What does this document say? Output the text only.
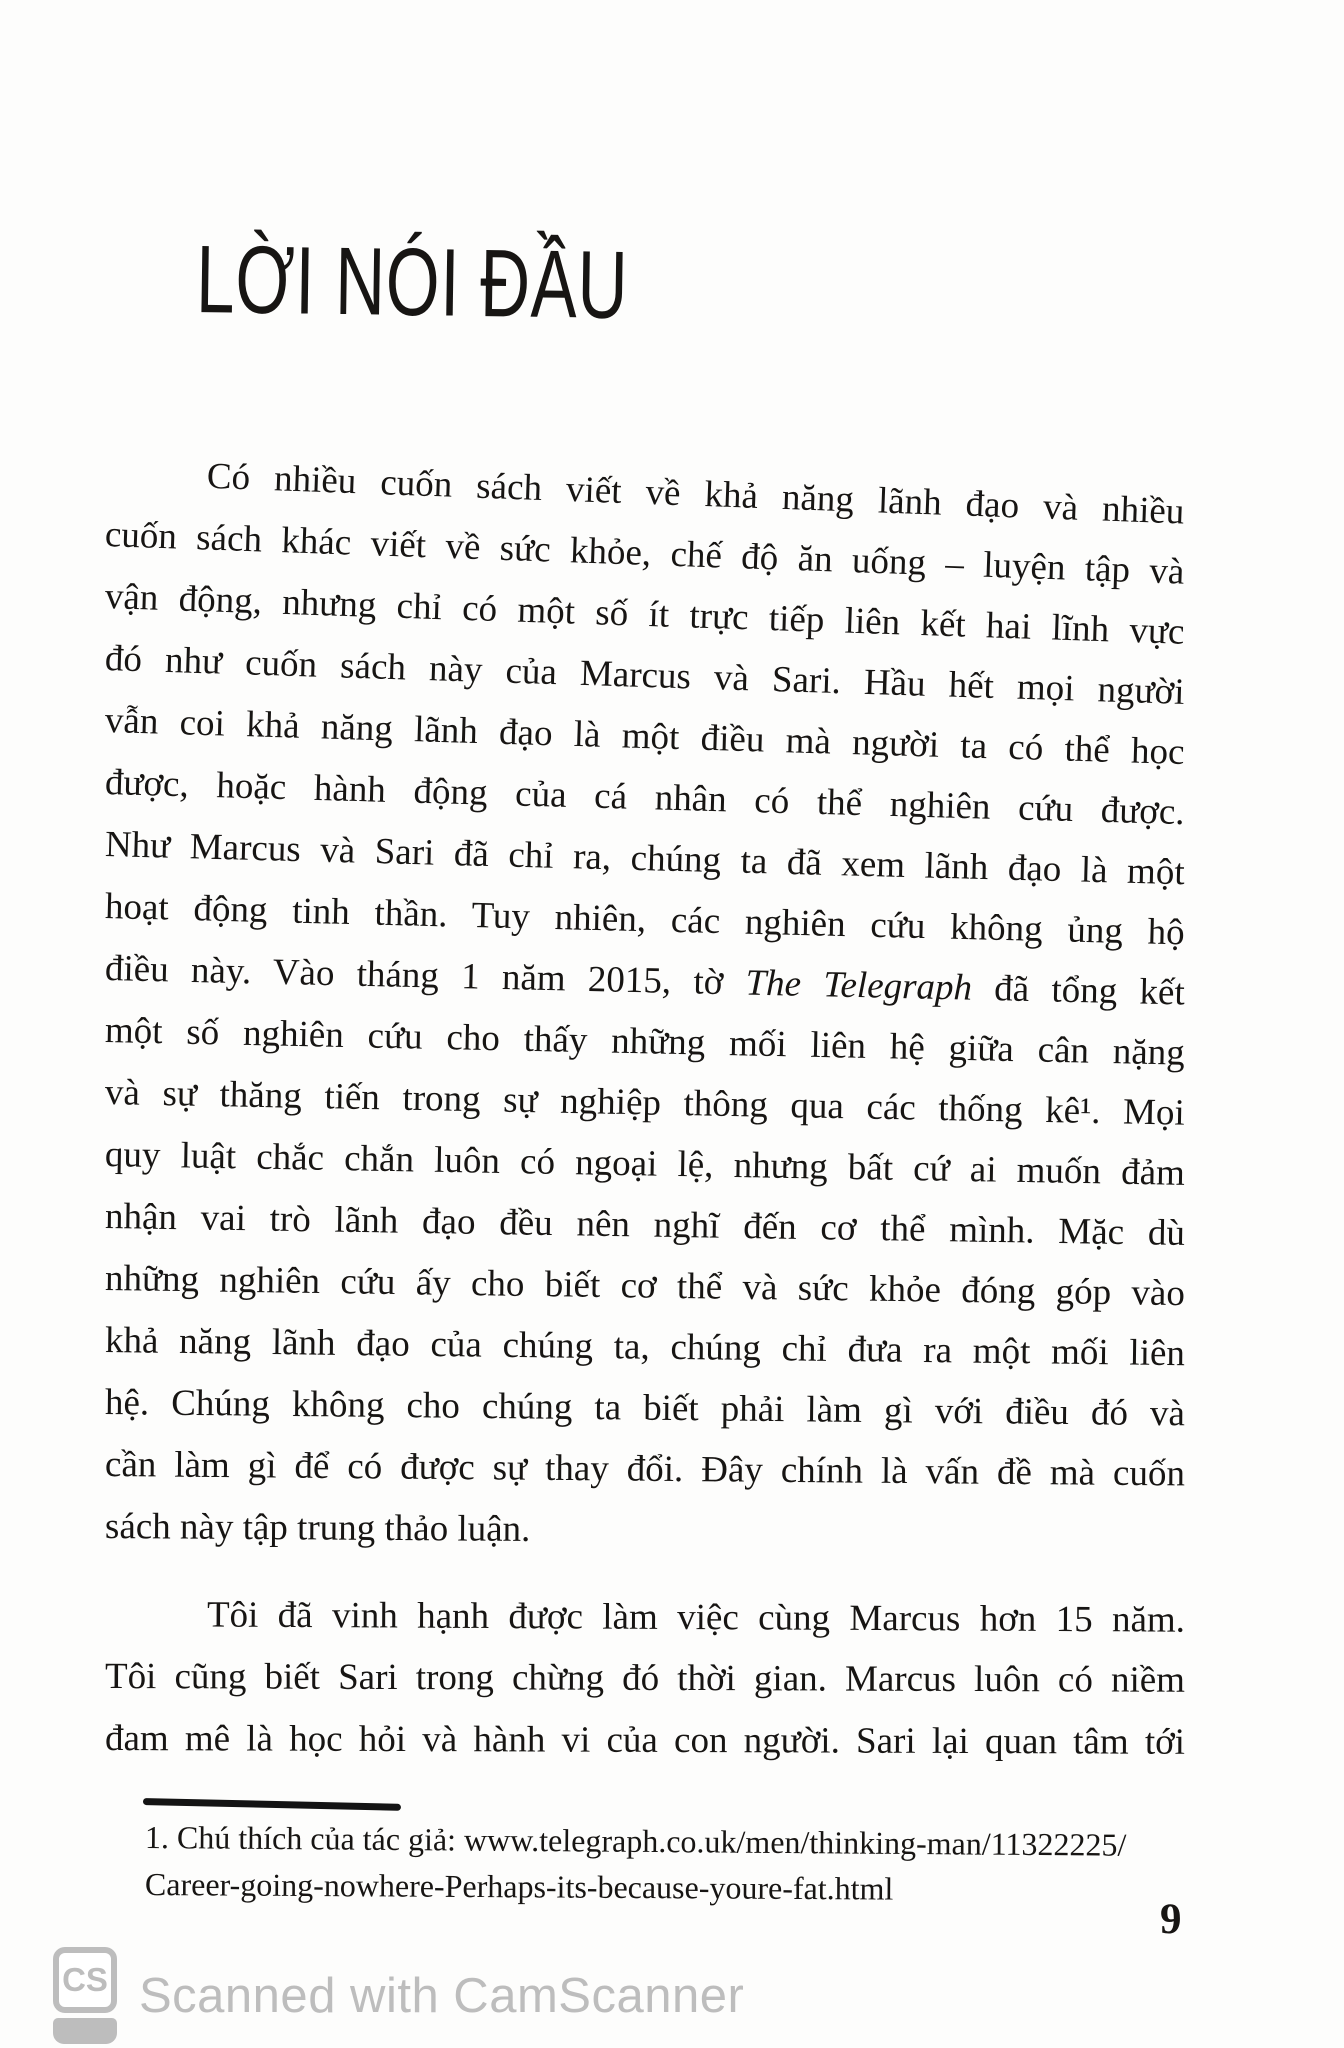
LỜI NÓI ĐẦU
Có nhiều cuốn sách viết về khả năng lãnh đạo và nhiều
cuốn sách khác viết về sức khỏe, chế độ ăn uống – luyện tập và
vận động, nhưng chỉ có một số ít trực tiếp liên kết hai lĩnh vực
đó như cuốn sách này của Marcus và Sari. Hầu hết mọi người
vẫn coi khả năng lãnh đạo là một điều mà người ta có thể học
được, hoặc hành động của cá nhân có thể nghiên cứu được.
Như Marcus và Sari đã chỉ ra, chúng ta đã xem lãnh đạo là một
hoạt động tinh thần. Tuy nhiên, các nghiên cứu không ủng hộ
điều này. Vào tháng 1 năm 2015, tờ The Telegraph đã tổng kết
một số nghiên cứu cho thấy những mối liên hệ giữa cân nặng
và sự thăng tiến trong sự nghiệp thông qua các thống kê¹. Mọi
quy luật chắc chắn luôn có ngoại lệ, nhưng bất cứ ai muốn đảm
nhận vai trò lãnh đạo đều nên nghĩ đến cơ thể mình. Mặc dù
những nghiên cứu ấy cho biết cơ thể và sức khỏe đóng góp vào
khả năng lãnh đạo của chúng ta, chúng chỉ đưa ra một mối liên
hệ. Chúng không cho chúng ta biết phải làm gì với điều đó và
cần làm gì để có được sự thay đổi. Đây chính là vấn đề mà cuốn
sách này tập trung thảo luận.
Tôi đã vinh hạnh được làm việc cùng Marcus hơn 15 năm.
Tôi cũng biết Sari trong chừng đó thời gian. Marcus luôn có niềm
đam mê là học hỏi và hành vi của con người. Sari lại quan tâm tới
1. Chú thích của tác giả: www.telegraph.co.uk/men/thinking-man/11322225/
Career-going-nowhere-Perhaps-its-because-youre-fat.html
9
CS Scanned with CamScanner
